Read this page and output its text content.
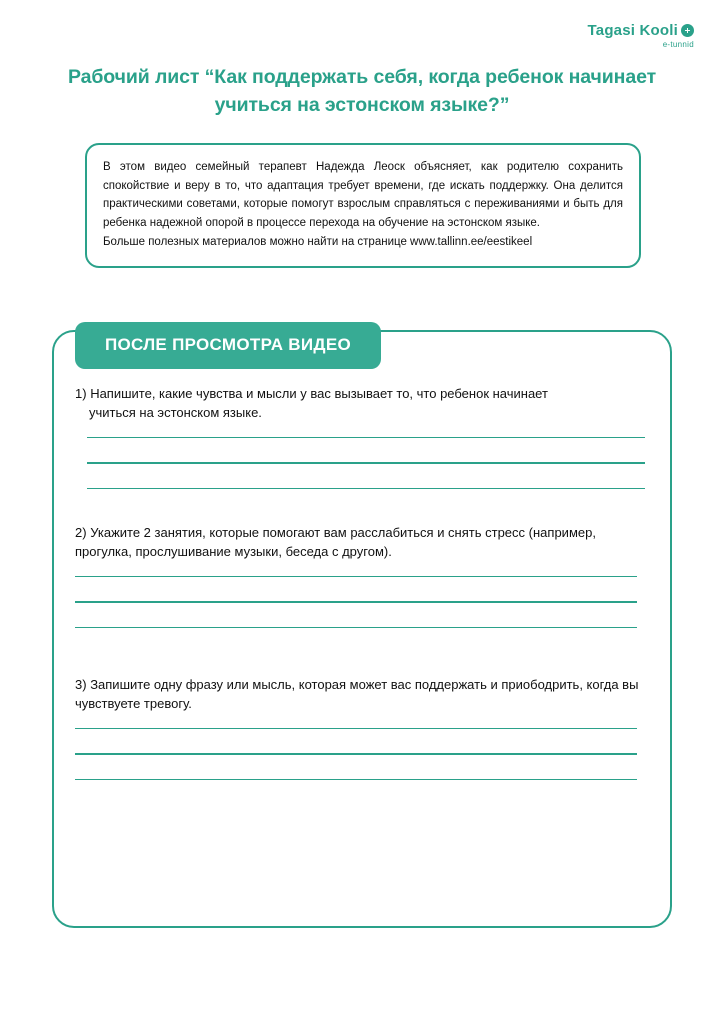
Tagasi Kooli
e-tunnid
Рабочий лист “Как поддержать себя, когда ребенок начинает учиться на эстонском языке?”

В этом видео семейный терапевт Надежда Леоск объясняет, как родителю сохранить спокойствие и веру в то, что адаптация требует времени, где искать поддержку. Она делится практическими советами, которые помогут взрослым справляться с переживаниями и быть для ребенка надежной опорой в процессе перехода на обучение на эстонском языке.

Больше полезных материалов можно найти на странице www.tallinn.ee/eestikeel

ПОСЛЕ ПРОСМОТРА ВИДЕО

1) Напишите, какие чувства и мысли у вас вызывает то, что ребенок начинает
учиться на эстонском языке.

2) Укажите 2 занятия, которые помогают вам расслабиться и снять стресс (например, прогулка, прослушивание музыки, беседа с другом).

3) Запишите одну фразу или мысль, которая может вас поддержать и приободрить, когда вы чувствуете тревогу.
